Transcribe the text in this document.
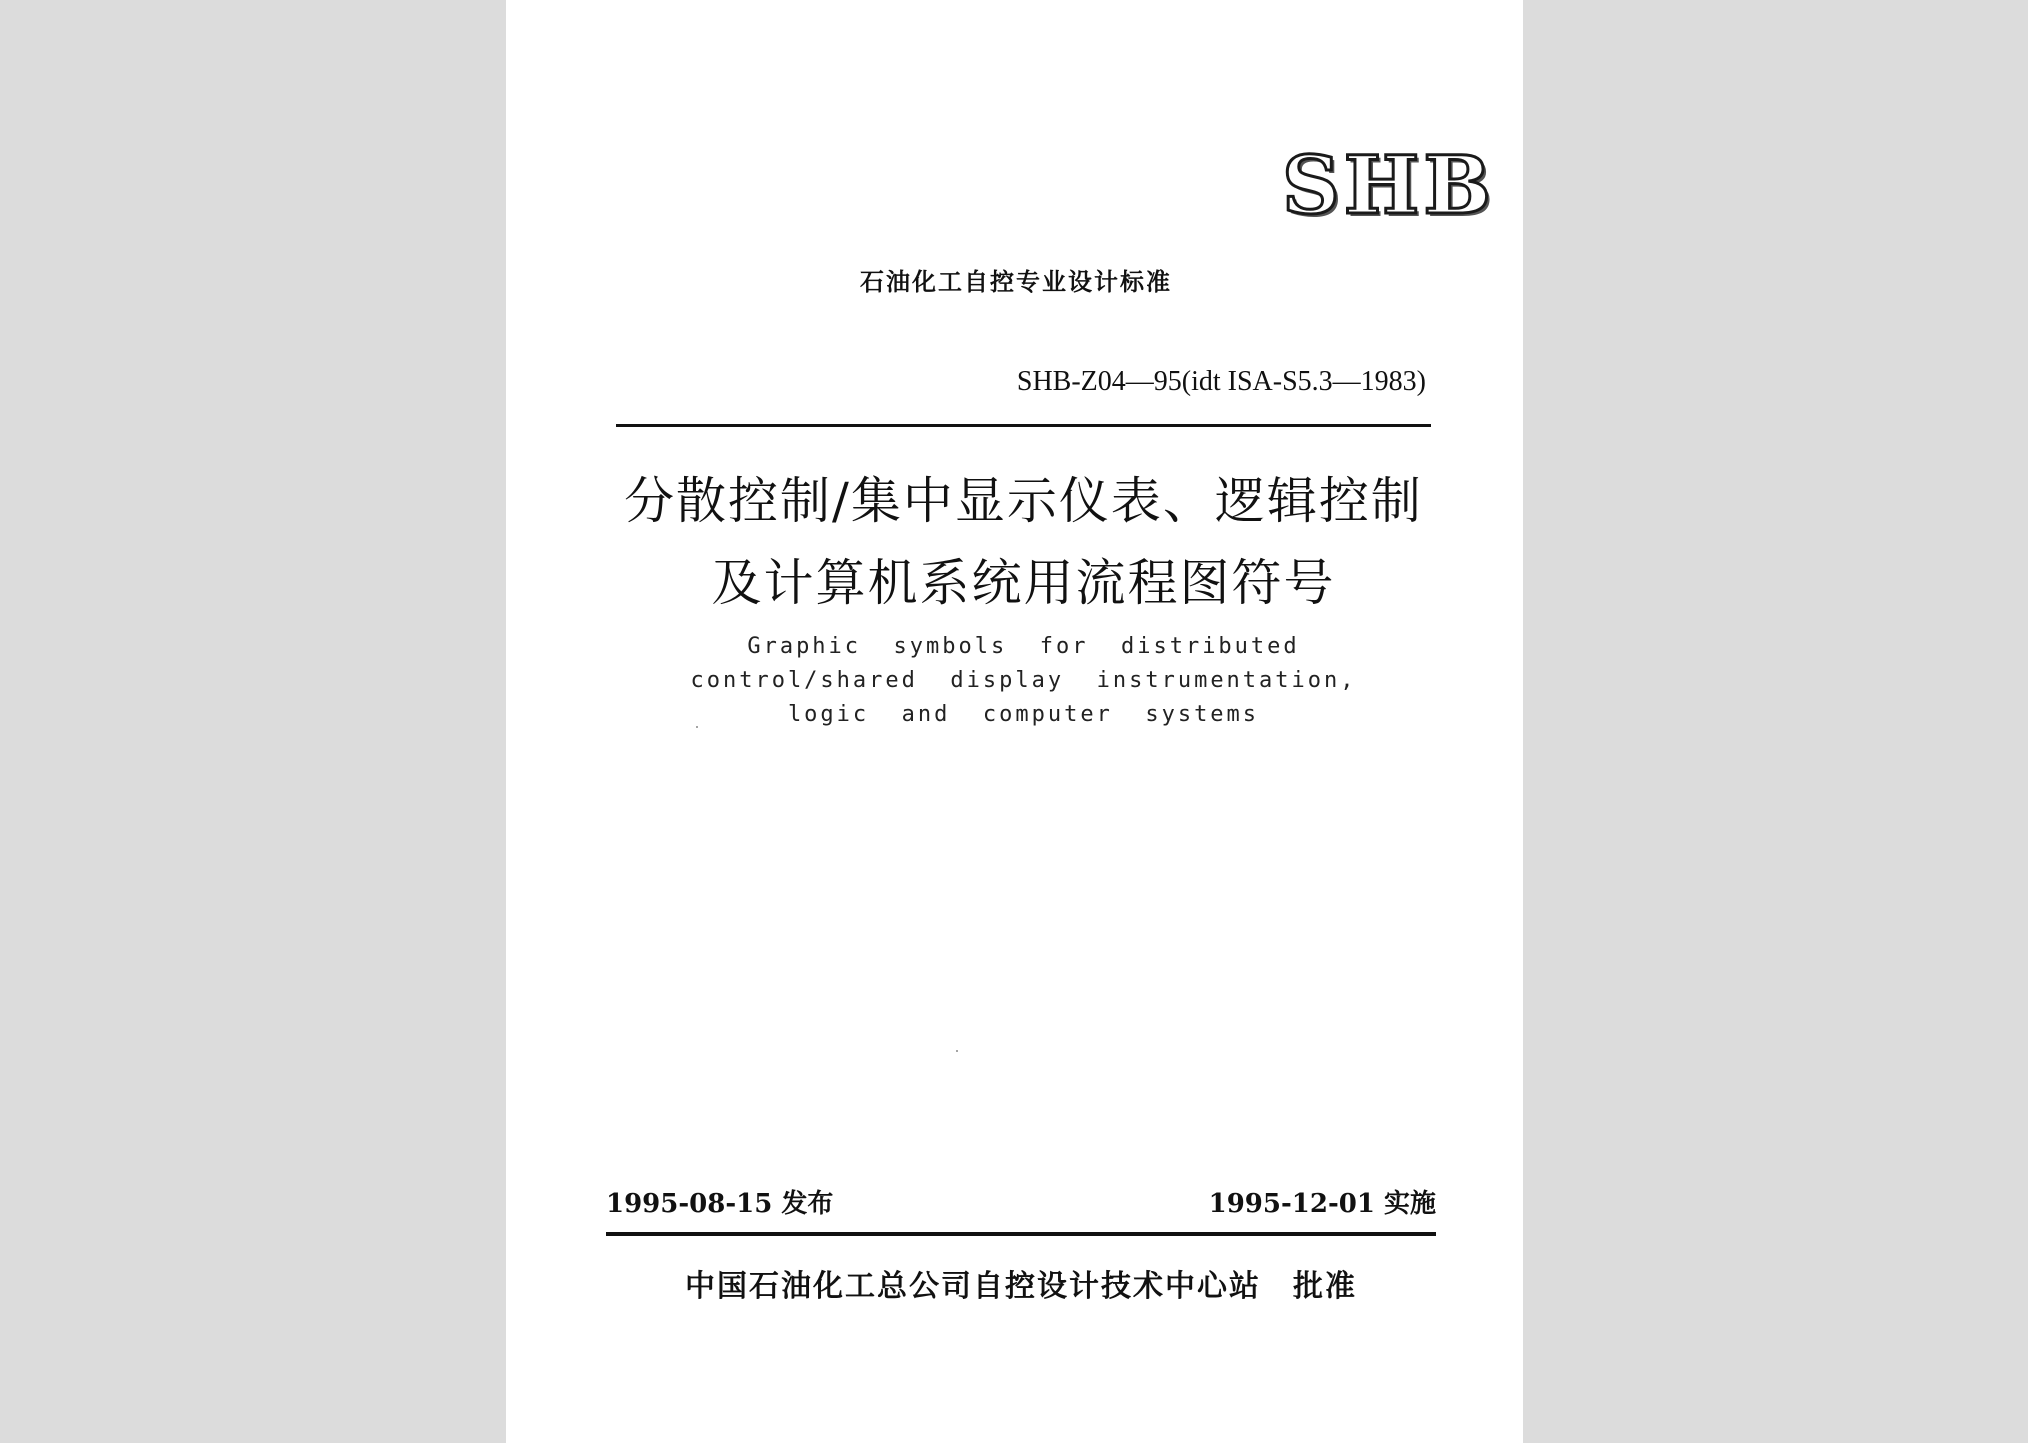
SHB
石油化工自控专业设计标准
SHB-Z04—95(idt ISA-S5.3—1983)
分散控制/集中显示仪表、逻辑控制
及计算机系统用流程图符号
Graphic  symbols  for  distributed
control/shared  display  instrumentation,
logic  and  computer  systems
1995-08-15 发布	1995-12-01 实施
中国石油化工总公司自控设计技术中心站　批准
